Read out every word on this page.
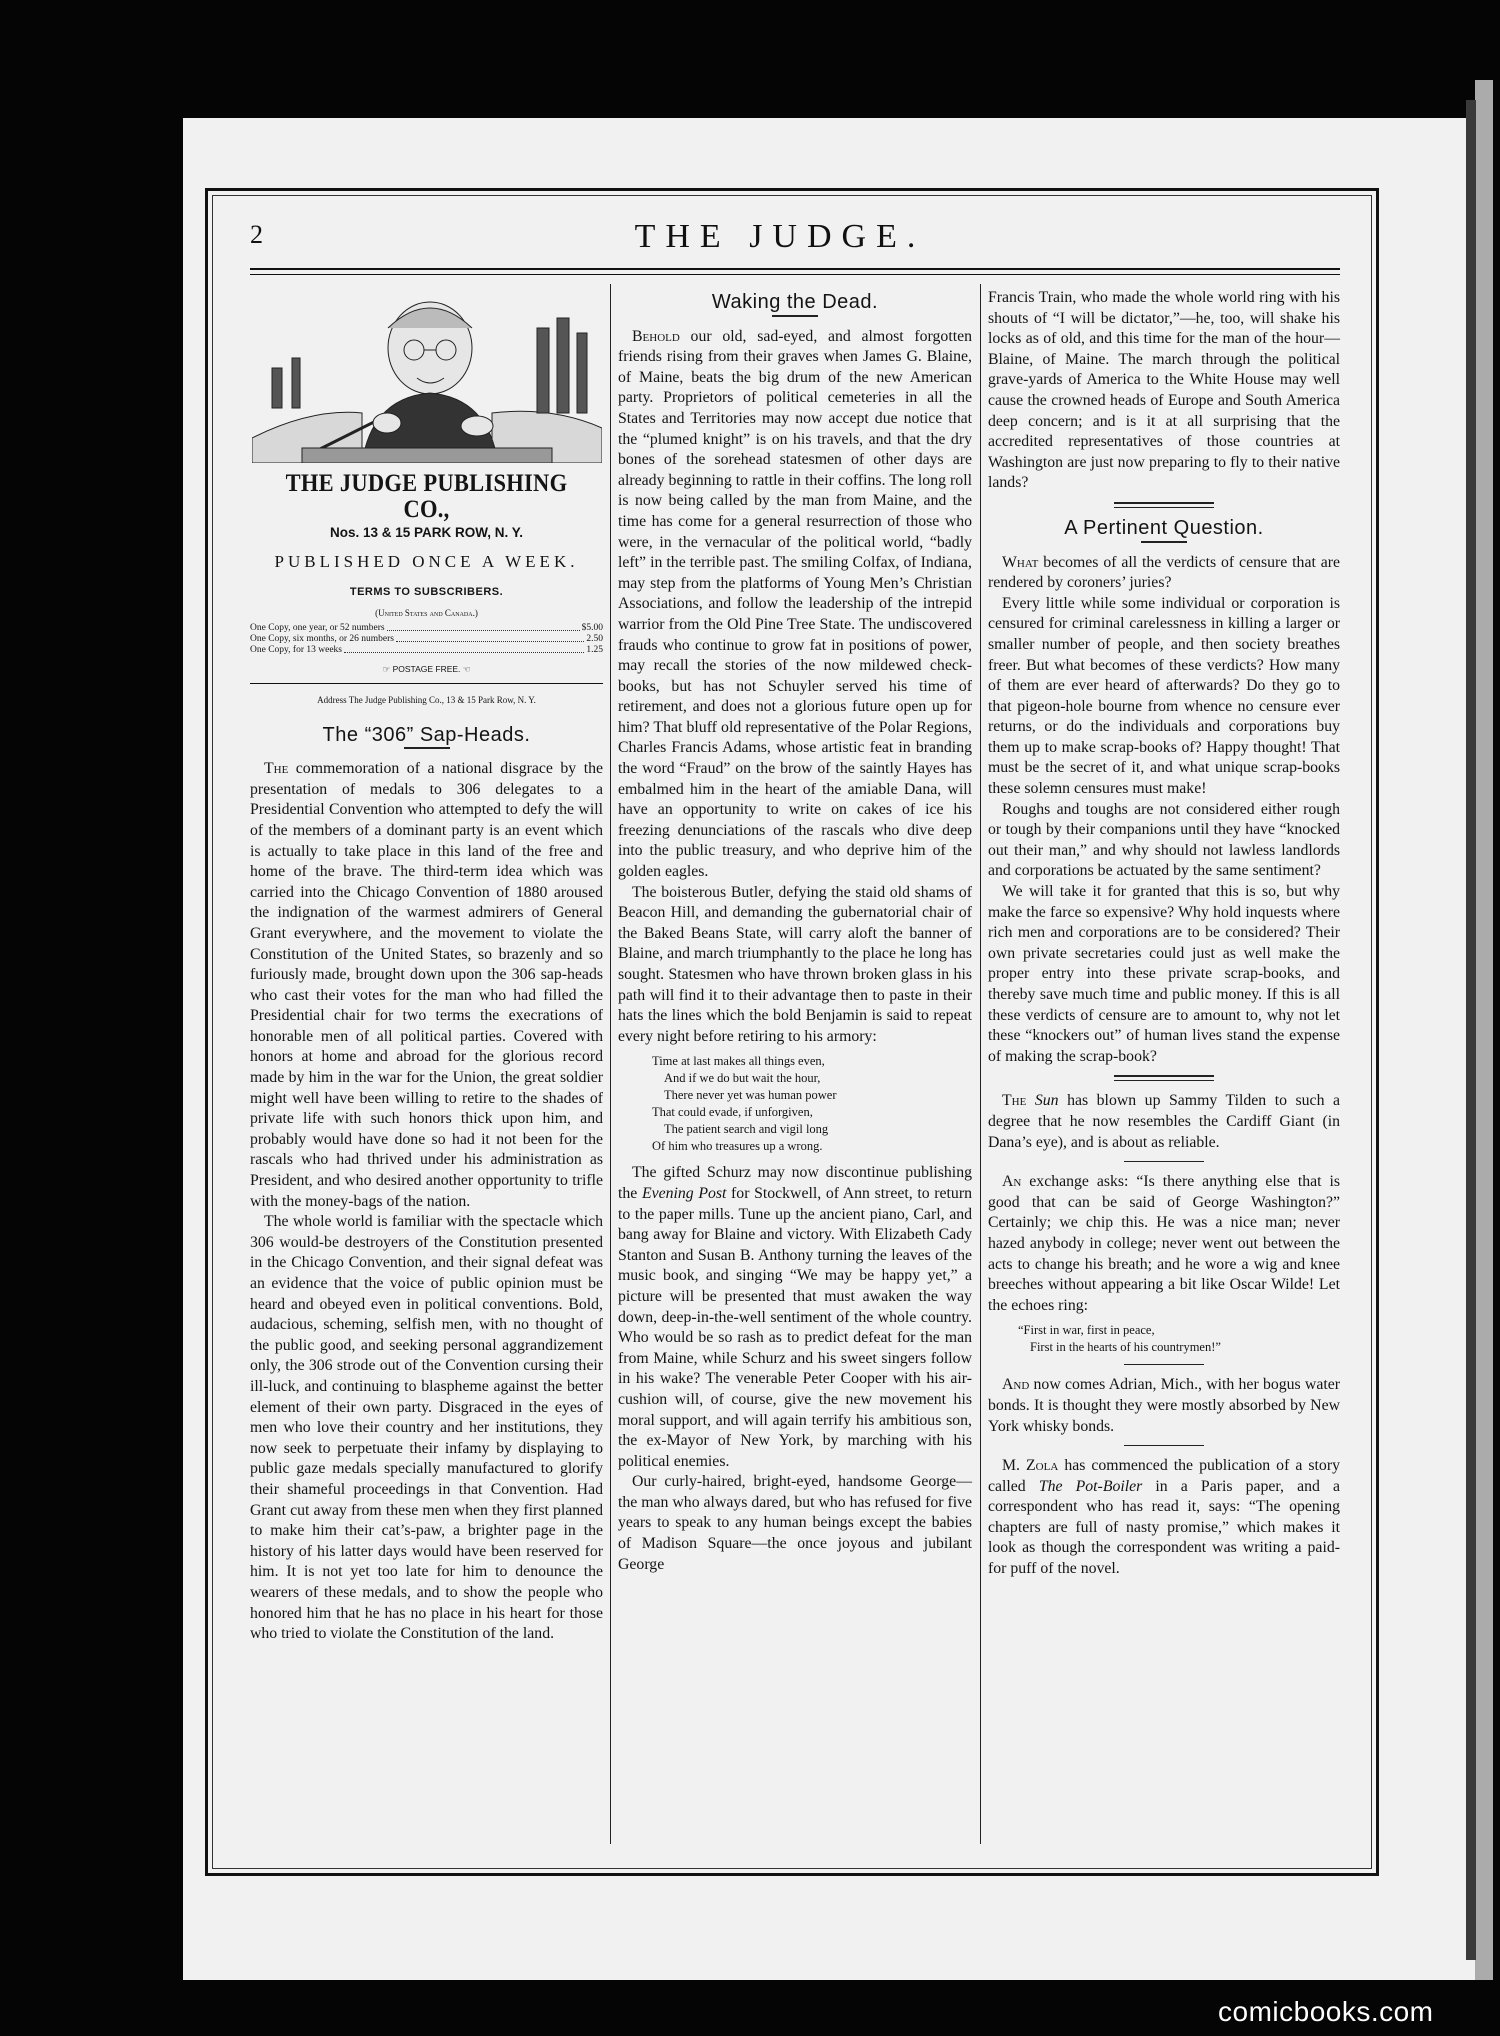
2	THE JUDGE.
THE JUDGE PUBLISHING CO.,
Nos. 13 & 15 PARK ROW, N. Y.
PUBLISHED ONCE A WEEK.
TERMS TO SUBSCRIBERS.
(United States and Canada.)
One Copy, one year, or 52 numbers	$5.00
One Copy, six months, or 26 numbers	2.50
One Copy, for 13 weeks	1.25
☞ POSTAGE FREE. ☜
Address The Judge Publishing Co., 13 & 15 Park Row, N. Y.
The “306” Sap-Heads.

The commemoration of a national disgrace by the presentation of medals to 306 delegates to a Presidential Convention who attempted to defy the will of the members of a dominant party is an event which is actually to take place in this land of the free and home of the brave. The third-term idea which was carried into the Chicago Convention of 1880 aroused the indignation of the warmest admirers of General Grant everywhere, and the movement to violate the Constitution of the United States, so brazenly and so furiously made, brought down upon the 306 sap-heads who cast their votes for the man who had filled the Presidential chair for two terms the execrations of honorable men of all political parties. Covered with honors at home and abroad for the glorious record made by him in the war for the Union, the great soldier might well have been willing to retire to the shades of private life with such honors thick upon him, and probably would have done so had it not been for the rascals who had thrived under his administration as President, and who desired another opportunity to trifle with the money-bags of the nation.

The whole world is familiar with the spectacle which 306 would-be destroyers of the Constitution presented in the Chicago Convention, and their signal defeat was an evidence that the voice of public opinion must be heard and obeyed even in political conventions. Bold, audacious, scheming, selfish men, with no thought of the public good, and seeking personal aggrandizement only, the 306 strode out of the Convention cursing their ill-luck, and continuing to blaspheme against the better element of their own party. Disgraced in the eyes of men who love their country and her institutions, they now seek to perpetuate their infamy by displaying to public gaze medals specially manufactured to glorify their shameful proceedings in that Convention. Had Grant cut away from these men when they first planned to make him their cat’s-paw, a brighter page in the history of his latter days would have been reserved for him. It is not yet too late for him to denounce the wearers of these medals, and to show the people who honored him that he has no place in his heart for those who tried to violate the Constitution of the land.

Waking the Dead.

Behold our old, sad-eyed, and almost forgotten friends rising from their graves when James G. Blaine, of Maine, beats the big drum of the new American party. Proprietors of political cemeteries in all the States and Territories may now accept due notice that the “plumed knight” is on his travels, and that the dry bones of the sorehead statesmen of other days are already beginning to rattle in their coffins. The long roll is now being called by the man from Maine, and the time has come for a general resurrection of those who were, in the vernacular of the political world, “badly left” in the terrible past. The smiling Colfax, of Indiana, may step from the platforms of Young Men’s Christian Associations, and follow the leadership of the intrepid warrior from the Old Pine Tree State. The undiscovered frauds who continue to grow fat in positions of power, may recall the stories of the now mildewed check-books, but has not Schuyler served his time of retirement, and does not a glorious future open up for him? That bluff old representative of the Polar Regions, Charles Francis Adams, whose artistic feat in branding the word “Fraud” on the brow of the saintly Hayes has embalmed him in the heart of the amiable Dana, will have an opportunity to write on cakes of ice his freezing denunciations of the rascals who dive deep into the public treasury, and who deprive him of the golden eagles.

The boisterous Butler, defying the staid old shams of Beacon Hill, and demanding the gubernatorial chair of the Baked Beans State, will carry aloft the banner of Blaine, and march triumphantly to the place he long has sought. Statesmen who have thrown broken glass in his path will find it to their advantage then to paste in their hats the lines which the bold Benjamin is said to repeat every night before retiring to his armory:

Time at last makes all things even,
And if we do but wait the hour,
There never yet was human power
That could evade, if unforgiven,
The patient search and vigil long
Of him who treasures up a wrong.

The gifted Schurz may now discontinue publishing the Evening Post for Stockwell, of Ann street, to return to the paper mills. Tune up the ancient piano, Carl, and bang away for Blaine and victory. With Elizabeth Cady Stanton and Susan B. Anthony turning the leaves of the music book, and singing “We may be happy yet,” a picture will be presented that must awaken the way down, deep-in-the-well sentiment of the whole country. Who would be so rash as to predict defeat for the man from Maine, while Schurz and his sweet singers follow in his wake? The venerable Peter Cooper with his air-cushion will, of course, give the new movement his moral support, and will again terrify his ambitious son, the ex-Mayor of New York, by marching with his political enemies.

Our curly-haired, bright-eyed, handsome George—the man who always dared, but who has refused for five years to speak to any human beings except the babies of Madison Square—the once joyous and jubilant George

Francis Train, who made the whole world ring with his shouts of “I will be dictator,”—he, too, will shake his locks as of old, and this time for the man of the hour—Blaine, of Maine. The march through the political grave-yards of America to the White House may well cause the crowned heads of Europe and South America deep concern; and is it at all surprising that the accredited representatives of those countries at Washington are just now preparing to fly to their native lands?

A Pertinent Question.

What becomes of all the verdicts of censure that are rendered by coroners’ juries?

Every little while some individual or corporation is censured for criminal carelessness in killing a larger or smaller number of people, and then society breathes freer. But what becomes of these verdicts? How many of them are ever heard of afterwards? Do they go to that pigeon-hole bourne from whence no censure ever returns, or do the individuals and corporations buy them up to make scrap-books of? Happy thought! That must be the secret of it, and what unique scrap-books these solemn censures must make!

Roughs and toughs are not considered either rough or tough by their companions until they have “knocked out their man,” and why should not lawless landlords and corporations be actuated by the same sentiment?

We will take it for granted that this is so, but why make the farce so expensive? Why hold inquests where rich men and corporations are to be considered? Their own private secretaries could just as well make the proper entry into these private scrap-books, and thereby save much time and public money. If this is all these verdicts of censure are to amount to, why not let these “knockers out” of human lives stand the expense of making the scrap-book?

The Sun has blown up Sammy Tilden to such a degree that he now resembles the Cardiff Giant (in Dana’s eye), and is about as reliable.

An exchange asks: “Is there anything else that is good that can be said of George Washington?” Certainly; we chip this. He was a nice man; never hazed anybody in college; never went out between the acts to change his breath; and he wore a wig and knee breeches without appearing a bit like Oscar Wilde! Let the echoes ring:

“First in war, first in peace,
First in the hearts of his countrymen!”

And now comes Adrian, Mich., with her bogus water bonds. It is thought they were mostly absorbed by New York whisky bonds.

M. Zola has commenced the publication of a story called The Pot-Boiler in a Paris paper, and a correspondent who has read it, says: “The opening chapters are full of nasty promise,” which makes it look as though the correspondent was writing a paid-for puff of the novel.

comicbooks.com
